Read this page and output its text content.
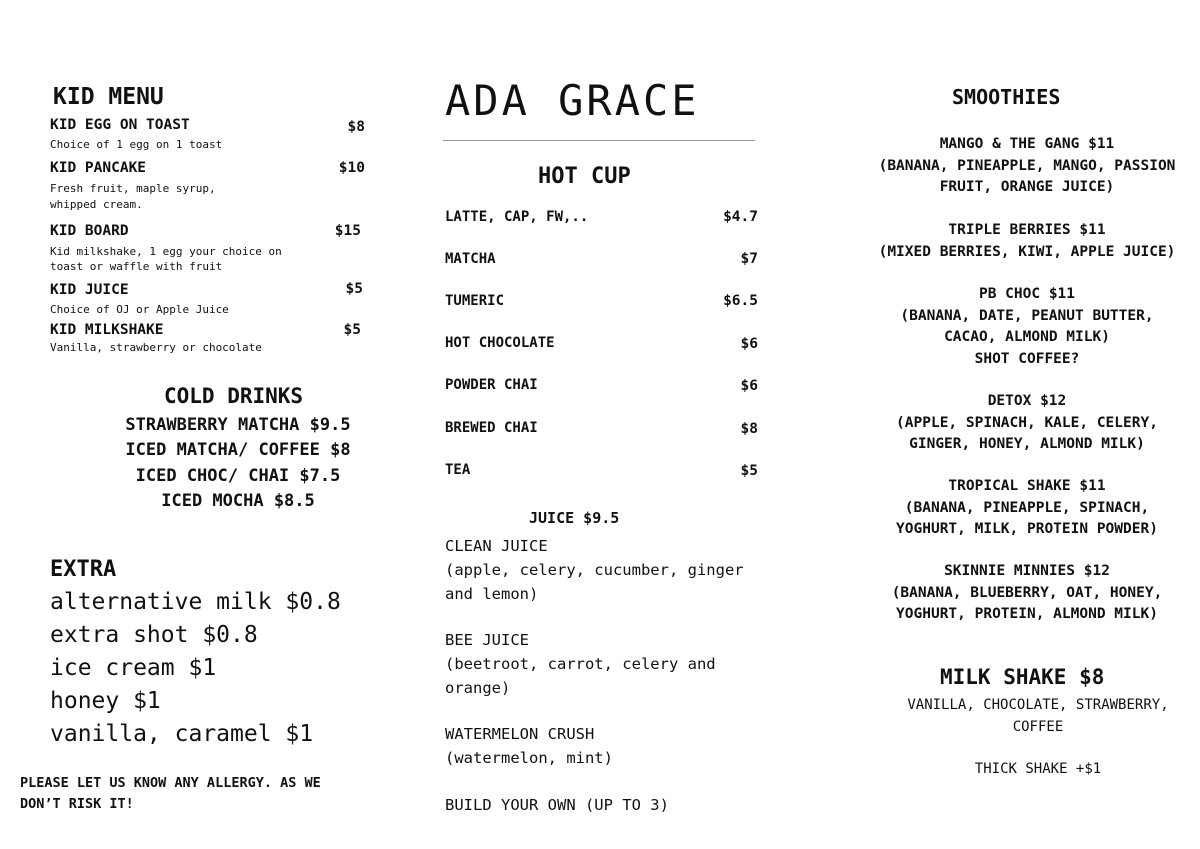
KID MENU
KID EGG ON TOAST	$8
Choice of 1 egg on 1 toast
KID PANCAKE	$10
Fresh fruit, maple syrup,
whipped cream.
KID BOARD	$15
Kid milkshake, 1 egg your choice on
toast or waffle with fruit
KID JUICE	$5
Choice of OJ or Apple Juice
KID MILKSHAKE	$5
Vanilla, strawberry or chocolate
COLD DRINKS
STRAWBERRY MATCHA $9.5
ICED MATCHA/ COFFEE $8
ICED CHOC/ CHAI $7.5
ICED MOCHA $8.5
EXTRA
alternative milk $0.8
extra shot $0.8
ice cream $1
honey $1
vanilla, caramel $1
PLEASE LET US KNOW ANY ALLERGY. AS WE
DON’T RISK IT!
ADA GRACE
HOT CUP
LATTE, CAP, FW,..	$4.7
MATCHA	$7
TUMERIC	$6.5
HOT CHOCOLATE	$6
POWDER CHAI	$6
BREWED CHAI	$8
TEA	$5
JUICE $9.5
CLEAN JUICE
(apple, celery, cucumber, ginger
and lemon)
BEE JUICE
(beetroot, carrot, celery and
orange)
WATERMELON CRUSH
(watermelon, mint)
BUILD YOUR OWN (UP TO 3)
SMOOTHIES
MANGO & THE GANG $11
(BANANA, PINEAPPLE, MANGO, PASSION
FRUIT, ORANGE JUICE)
TRIPLE BERRIES $11
(MIXED BERRIES, KIWI, APPLE JUICE)
PB CHOC $11
(BANANA, DATE, PEANUT BUTTER,
CACAO, ALMOND MILK)
SHOT COFFEE?
DETOX $12
(APPLE, SPINACH, KALE, CELERY,
GINGER, HONEY, ALMOND MILK)
TROPICAL SHAKE $11
(BANANA, PINEAPPLE, SPINACH,
YOGHURT, MILK, PROTEIN POWDER)
SKINNIE MINNIES $12
(BANANA, BLUEBERRY, OAT, HONEY,
YOGHURT, PROTEIN, ALMOND MILK)
MILK SHAKE $8
VANILLA, CHOCOLATE, STRAWBERRY,
COFFEE
THICK SHAKE +$1
